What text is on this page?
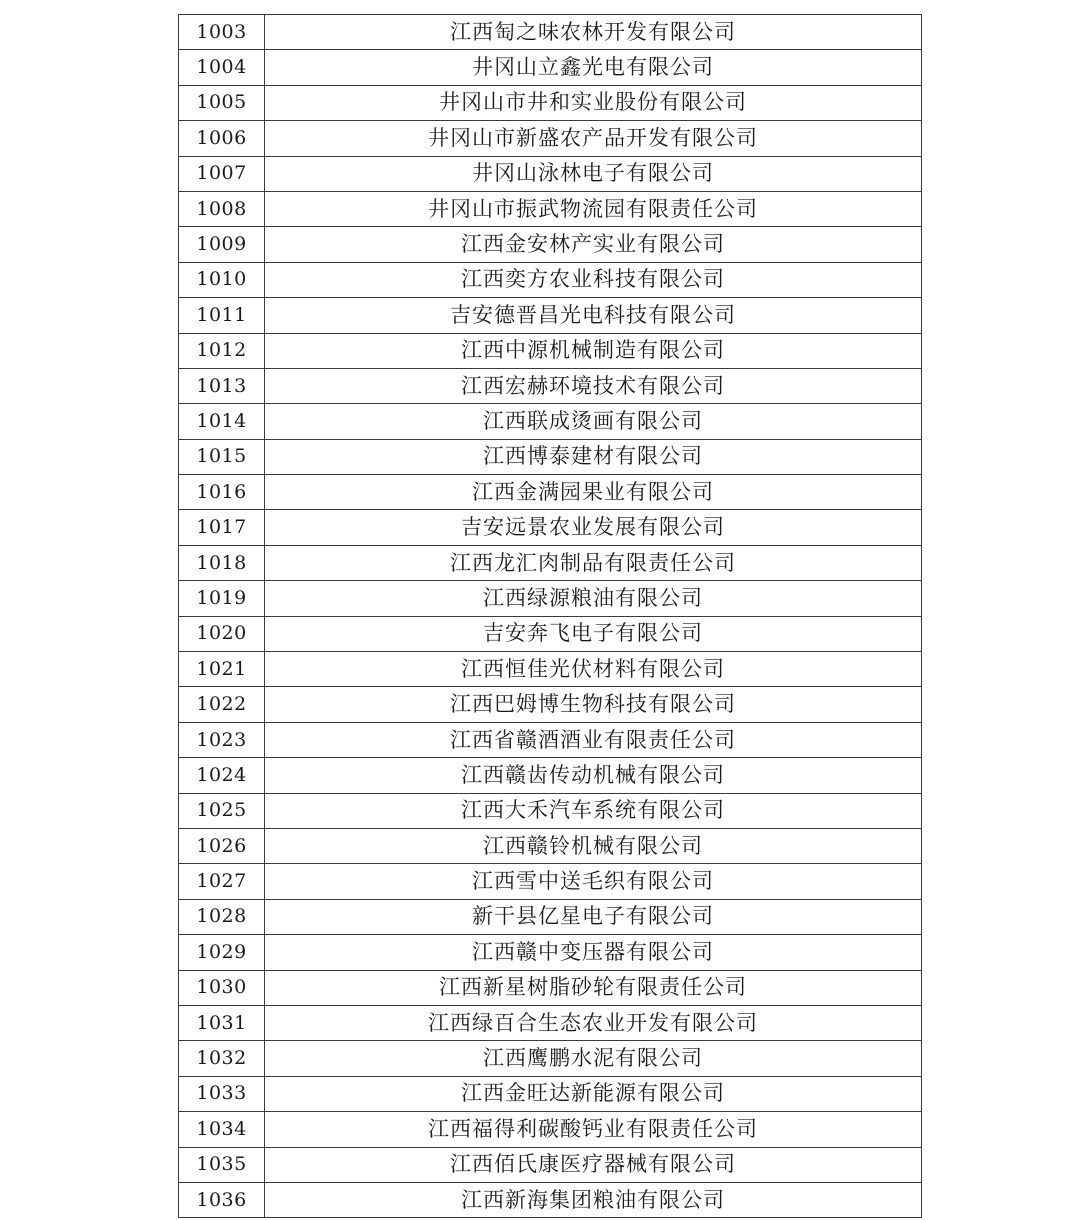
1003	江西匋之味农林开发有限公司
1004	井冈山立鑫光电有限公司
1005	井冈山市井和实业股份有限公司
1006	井冈山市新盛农产品开发有限公司
1007	井冈山泳林电子有限公司
1008	井冈山市振武物流园有限责任公司
1009	江西金安林产实业有限公司
1010	江西奕方农业科技有限公司
1011	吉安德晋昌光电科技有限公司
1012	江西中源机械制造有限公司
1013	江西宏赫环境技术有限公司
1014	江西联成烫画有限公司
1015	江西博泰建材有限公司
1016	江西金满园果业有限公司
1017	吉安远景农业发展有限公司
1018	江西龙汇肉制品有限责任公司
1019	江西绿源粮油有限公司
1020	吉安奔飞电子有限公司
1021	江西恒佳光伏材料有限公司
1022	江西巴姆博生物科技有限公司
1023	江西省赣酒酒业有限责任公司
1024	江西赣齿传动机械有限公司
1025	江西大禾汽车系统有限公司
1026	江西赣铃机械有限公司
1027	江西雪中送毛织有限公司
1028	新干县亿星电子有限公司
1029	江西赣中变压器有限公司
1030	江西新星树脂砂轮有限责任公司
1031	江西绿百合生态农业开发有限公司
1032	江西鹰鹏水泥有限公司
1033	江西金旺达新能源有限公司
1034	江西福得利碳酸钙业有限责任公司
1035	江西佰氏康医疗器械有限公司
1036	江西新海集团粮油有限公司
